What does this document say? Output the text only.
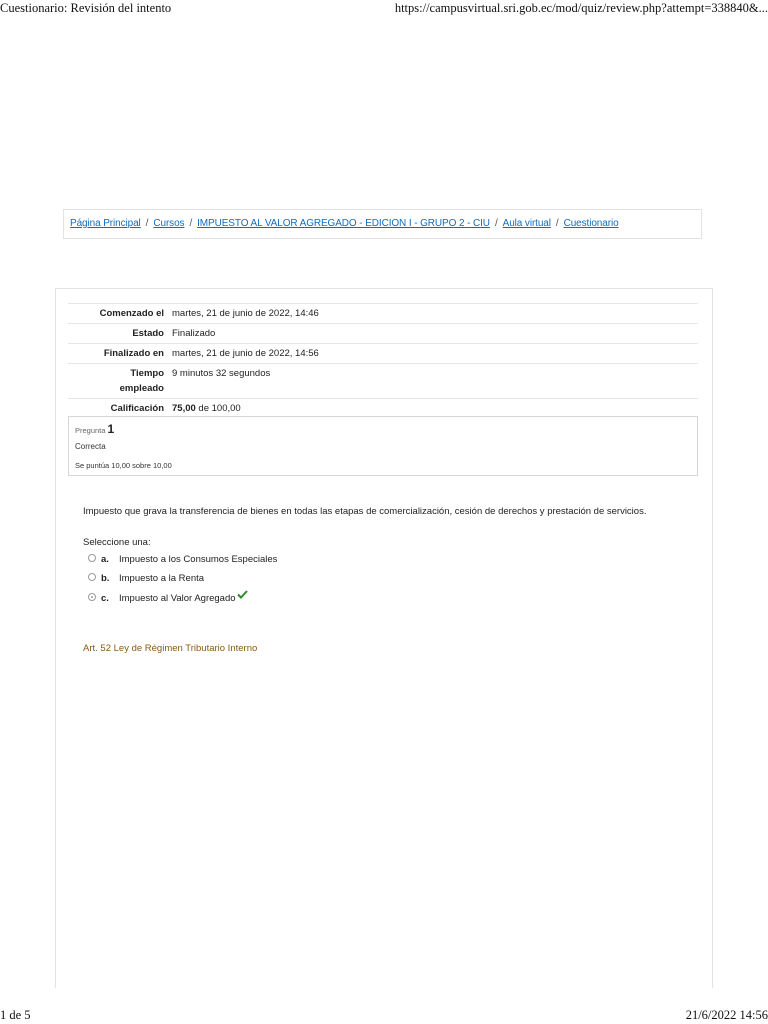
Cuestionario: Revisión del intento	https://campusvirtual.sri.gob.ec/mod/quiz/review.php?attempt=338840&...
Página Principal / Cursos / IMPUESTO AL VALOR AGREGADO - EDICION I - GRUPO 2 - CIU / Aula virtual / Cuestionario
Comenzado el	martes, 21 de junio de 2022, 14:46
Estado	Finalizado
Finalizado en	martes, 21 de junio de 2022, 14:56
Tiempo
empleado	9 minutos 32 segundos
Calificación	75,00 de 100,00
Pregunta 1
Correcta
Se puntúa 10,00 sobre 10,00
Impuesto que grava la transferencia de bienes en todas las etapas de comercialización, cesión de derechos y prestación de servicios.
Seleccione una:
a. Impuesto a los Consumos Especiales
b. Impuesto a la Renta
c. Impuesto al Valor Agregado
Art. 52 Ley de Régimen Tributario Interno
1 de 5	21/6/2022 14:56
